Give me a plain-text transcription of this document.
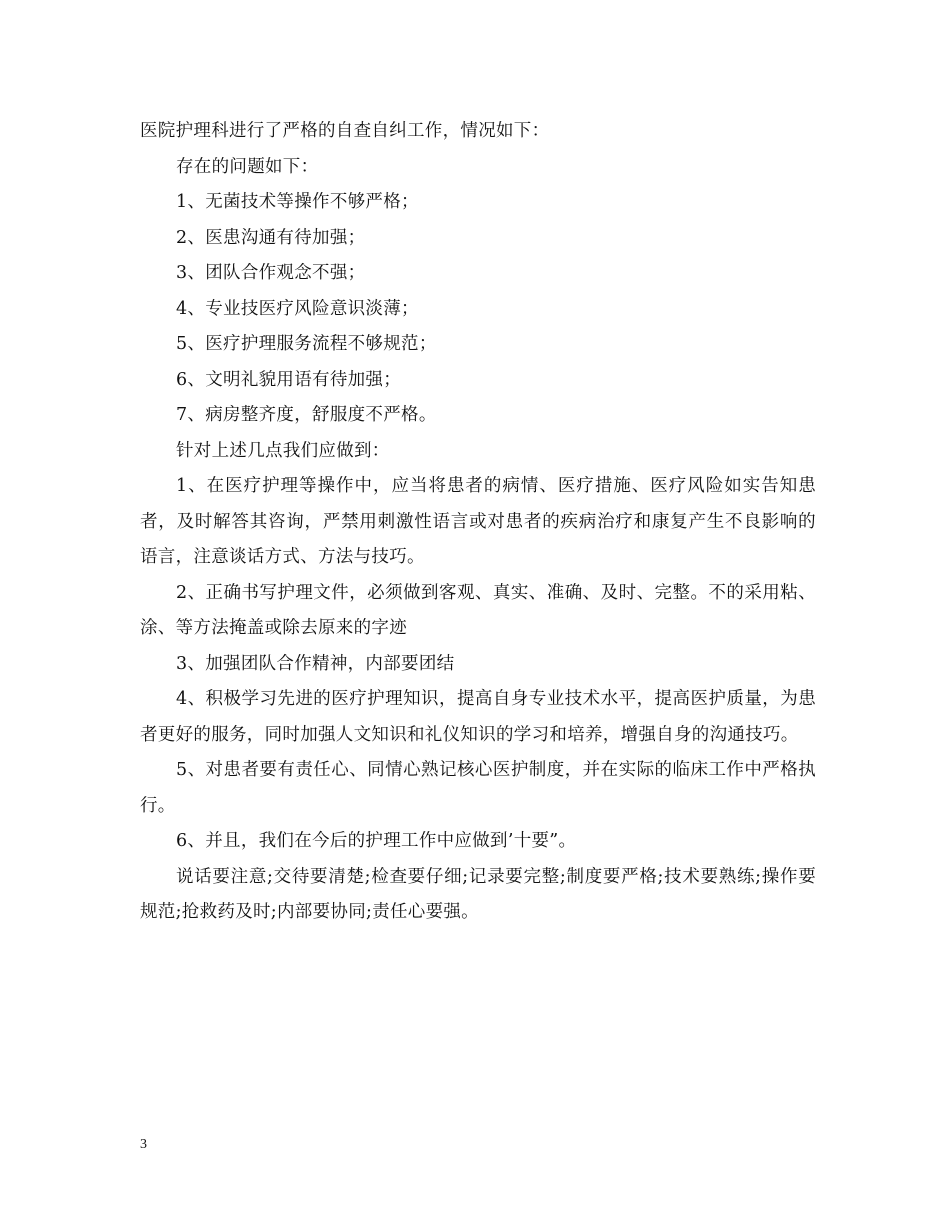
医院护理科进行了严格的自查自纠工作，情况如下：

存在的问题如下：

1、无菌技术等操作不够严格；

2、医患沟通有待加强；

3、团队合作观念不强；

4、专业技医疗风险意识淡薄；

5、医疗护理服务流程不够规范；

6、文明礼貌用语有待加强；

7、病房整齐度，舒服度不严格。

针对上述几点我们应做到：

1、在医疗护理等操作中，应当将患者的病情、医疗措施、医疗风险如实告知患者，及时解答其咨询，严禁用刺激性语言或对患者的疾病治疗和康复产生不良影响的语言，注意谈话方式、方法与技巧。

2、正确书写护理文件，必须做到客观、真实、准确、及时、完整。不的采用粘、涂、等方法掩盖或除去原来的字迹

3、加强团队合作精神，内部要团结

4、积极学习先进的医疗护理知识，提高自身专业技术水平，提高医护质量，为患者更好的服务，同时加强人文知识和礼仪知识的学习和培养，增强自身的沟通技巧。

5、对患者要有责任心、同情心熟记核心医护制度，并在实际的临床工作中严格执行。

6、并且，我们在今后的护理工作中应做到’十要”。

说话要注意;交待要清楚;检查要仔细;记录要完整;制度要严格;技术要熟练;操作要规范;抢救药及时;内部要协同;责任心要强。

3
